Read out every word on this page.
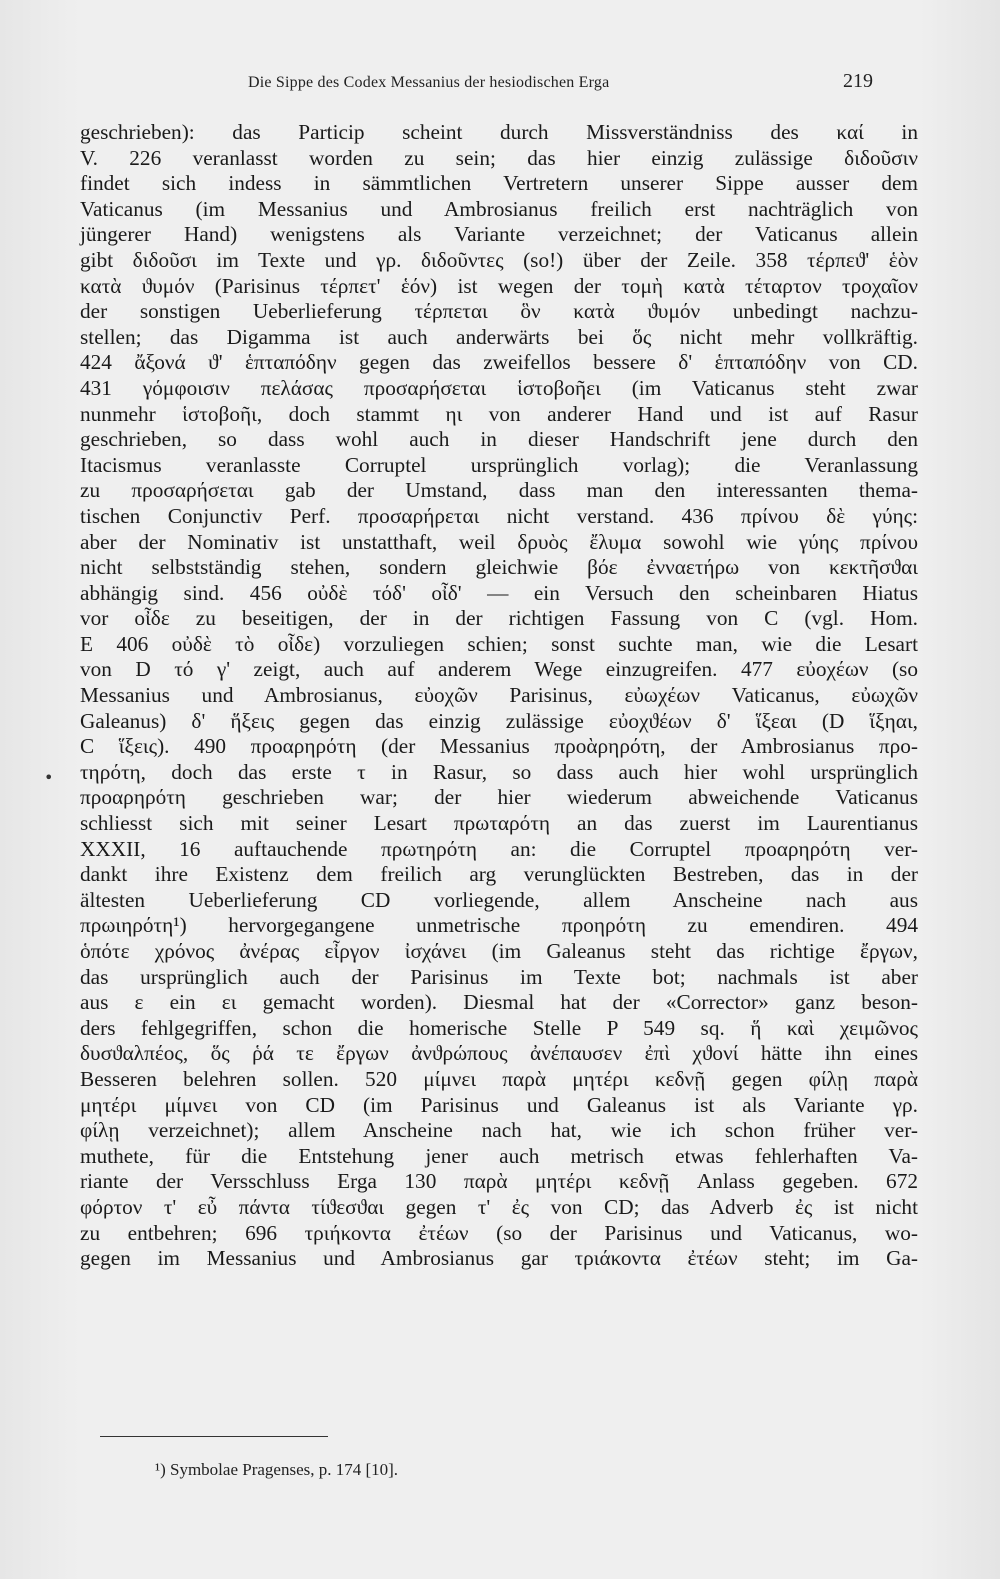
Die Sippe des Codex Messanius der hesiodischen Erga	219
•
geschrieben): das Particip scheint durch Missverständniss des καί in
V. 226 veranlasst worden zu sein; das hier einzig zulässige διδοῦσιν
findet sich indess in sämmtlichen Vertretern unserer Sippe ausser dem
Vaticanus (im Messanius und Ambrosianus freilich erst nachträglich von
jüngerer Hand) wenigstens als Variante verzeichnet; der Vaticanus allein
gibt διδοῦσι im Texte und γρ. διδοῦντες (so!) über der Zeile. 358 τέρπεϑ' ἑὸν
κατὰ ϑυμόν (Parisinus τέρπετ' ἑόν) ist wegen der τομὴ κατὰ τέταρτον τροχαῖον
der sonstigen Ueberlieferung τέρπεται ὃν κατὰ ϑυμόν unbedingt nachzu-
stellen; das Digamma ist auch anderwärts bei ὅς nicht mehr vollkräftig.
424 ἄξονά ϑ' ἑπταπόδην gegen das zweifellos bessere δ' ἑπταπόδην von CD.
431 γόμφοισιν πελάσας προσαρήσεται ἱστοβοῆει (im Vaticanus steht zwar
nunmehr ἱστοβοῆι, doch stammt ηι von anderer Hand und ist auf Rasur
geschrieben, so dass wohl auch in dieser Handschrift jene durch den
Itacismus veranlasste Corruptel ursprünglich vorlag); die Veranlassung
zu προσαρήσεται gab der Umstand, dass man den interessanten thema-
tischen Conjunctiv Perf. προσαρήρεται nicht verstand. 436 πρίνου δὲ γύης:
aber der Nominativ ist unstatthaft, weil δρυὸς ἔλυμα sowohl wie γύης πρίνου
nicht selbstständig stehen, sondern gleichwie βόε ἐνναετήρω von κεκτῆσϑαι
abhängig sind. 456 οὐδὲ τόδ' οἶδ' — ein Versuch den scheinbaren Hiatus
vor οἶδε zu beseitigen, der in der richtigen Fassung von C (vgl. Hom.
E 406 οὐδὲ τὸ οἶδε) vorzuliegen schien; sonst suchte man, wie die Lesart
von D τό γ' zeigt, auch auf anderem Wege einzugreifen. 477 εὐοχέων (so
Messanius und Ambrosianus, εὐοχῶν Parisinus, εὐωχέων Vaticanus, εὐωχῶν
Galeanus) δ' ἥξεις gegen das einzig zulässige εὐοχϑέων δ' ἵξεαι (D ἵξηαι,
C ἵξεις). 490 προαρηρότη (der Messanius προὰρηρότη, der Ambrosianus προ-
τηρότη, doch das erste τ in Rasur, so dass auch hier wohl ursprünglich
προαρηρότη geschrieben war; der hier wiederum abweichende Vaticanus
schliesst sich mit seiner Lesart πρωταρότη an das zuerst im Laurentianus
XXXII, 16 auftauchende πρωτηρότη an: die Corruptel προαρηρότη ver-
dankt ihre Existenz dem freilich arg verunglückten Bestreben, das in der
ältesten Ueberlieferung CD vorliegende, allem Anscheine nach aus
πρωιηρότη¹) hervorgegangene unmetrische προηρότη zu emendiren. 494
ὁπότε χρόνος ἀνέρας εἶργον ἰσχάνει (im Galeanus steht das richtige ἔργων,
das ursprünglich auch der Parisinus im Texte bot; nachmals ist aber
aus ε ein ει gemacht worden). Diesmal hat der «Corrector» ganz beson-
ders fehlgegriffen, schon die homerische Stelle P 549 sq. ἥ καὶ χειμῶνος
δυσϑαλπέος, ὅς ῥά τε ἔργων ἀνϑρώπους ἀνέπαυσεν ἐπὶ χϑονί hätte ihn eines
Besseren belehren sollen. 520 μίμνει παρὰ μητέρι κεδνῇ gegen φίλῃ παρὰ
μητέρι μίμνει von CD (im Parisinus und Galeanus ist als Variante γρ.
φίλῃ verzeichnet); allem Anscheine nach hat, wie ich schon früher ver-
muthete, für die Entstehung jener auch metrisch etwas fehlerhaften Va-
riante der Versschluss Erga 130 παρὰ μητέρι κεδνῇ Anlass gegeben. 672
φόρτον τ' εὖ πάντα τίϑεσϑαι gegen τ' ἐς von CD; das Adverb ἐς ist nicht
zu entbehren; 696 τριήκοντα ἐτέων (so der Parisinus und Vaticanus, wo-
gegen im Messanius und Ambrosianus gar τριάκοντα ἐτέων steht; im Ga-
¹) Symbolae Pragenses, p. 174 [10].
